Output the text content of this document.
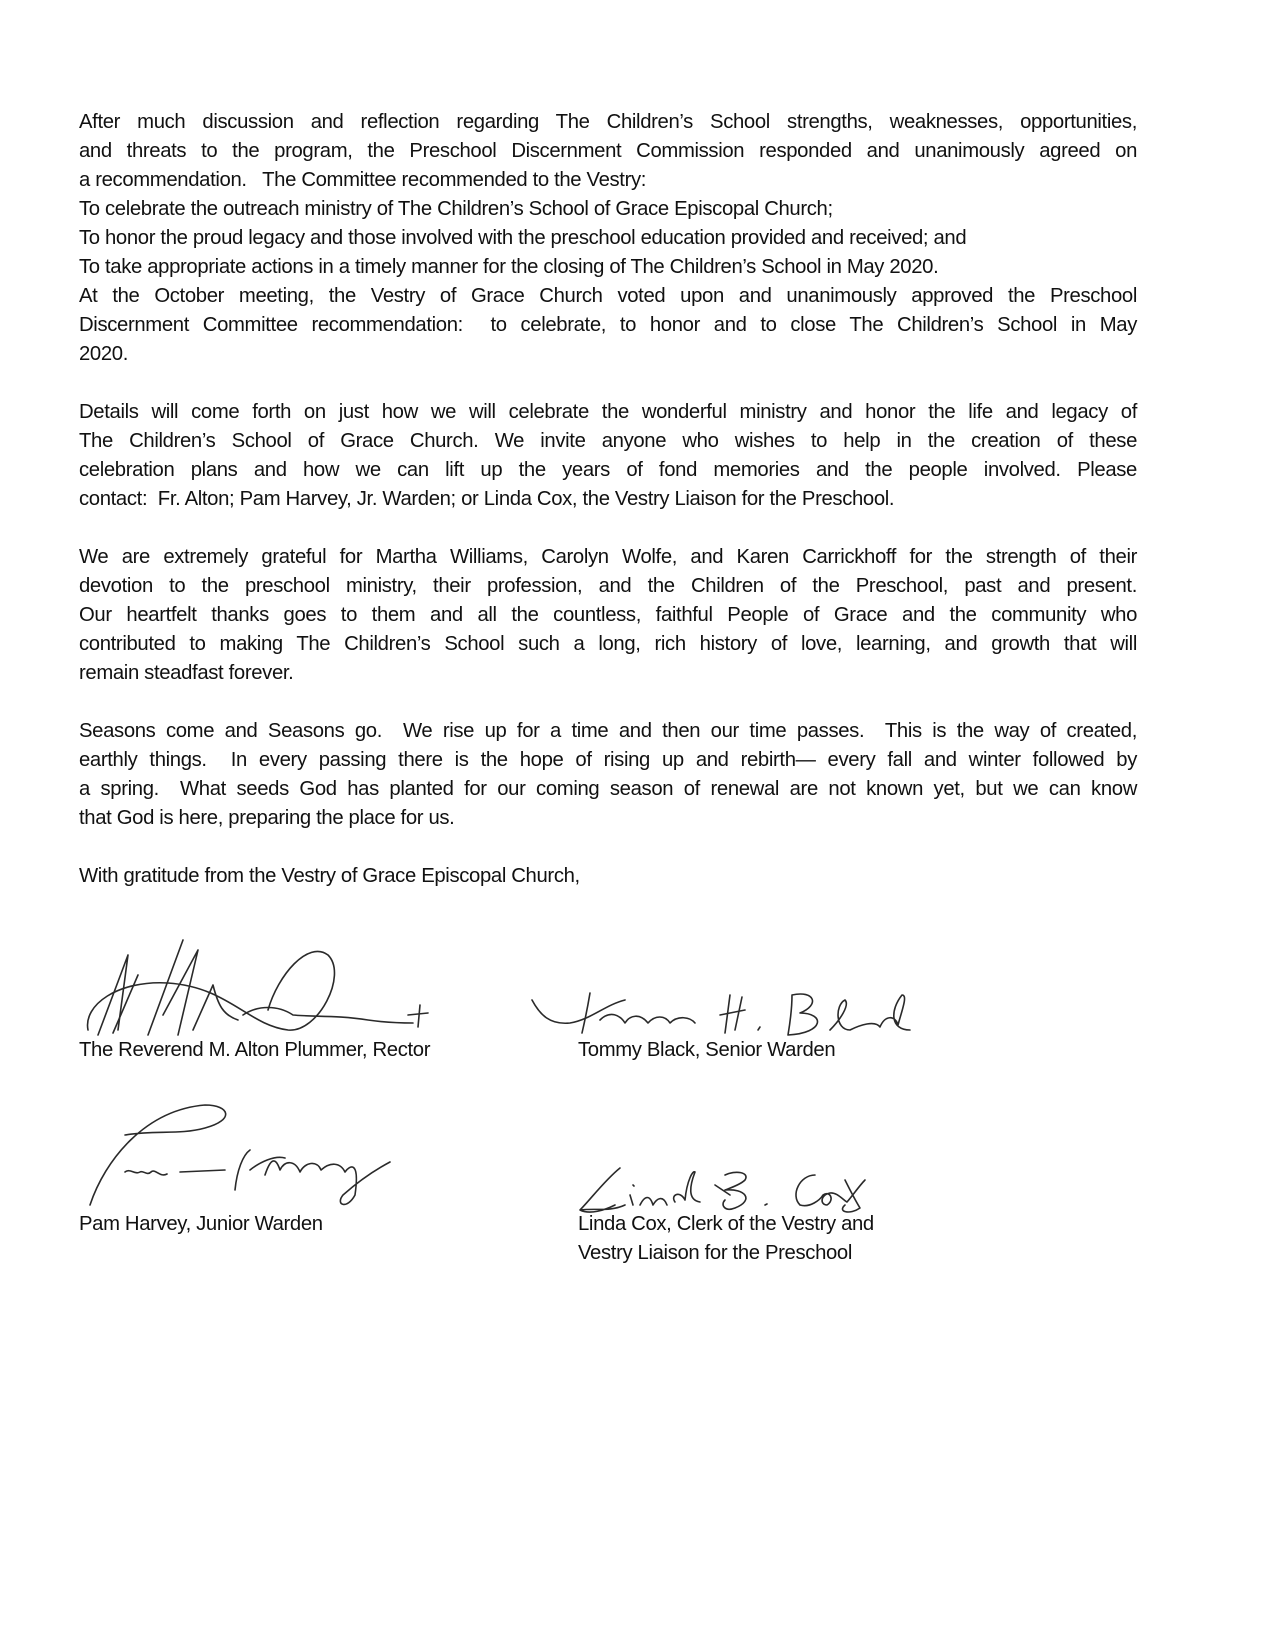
After much discussion and reflection regarding The Children’s School strengths, weaknesses, opportunities,
and threats to the program, the Preschool Discernment Commission responded and unanimously agreed on
a recommendation.   The Committee recommended to the Vestry:
To celebrate the outreach ministry of The Children’s School of Grace Episcopal Church;
To honor the proud legacy and those involved with the preschool education provided and received; and
To take appropriate actions in a timely manner for the closing of The Children’s School in May 2020.
At the October meeting, the Vestry of Grace Church voted upon and unanimously approved the Preschool
Discernment Committee recommendation:  to celebrate, to honor and to close The Children’s School in May
2020.

Details will come forth on just how we will celebrate the wonderful ministry and honor the life and legacy of
The Children’s School of Grace Church. We invite anyone who wishes to help in the creation of these
celebration plans and how we can lift up the years of fond memories and the people involved. Please
contact:  Fr. Alton; Pam Harvey, Jr. Warden; or Linda Cox, the Vestry Liaison for the Preschool.

We are extremely grateful for Martha Williams, Carolyn Wolfe, and Karen Carrickhoff for the strength of their
devotion to the preschool ministry, their profession, and the Children of the Preschool, past and present.
Our heartfelt thanks goes to them and all the countless, faithful People of Grace and the community who
contributed to making The Children’s School such a long, rich history of love, learning, and growth that will
remain steadfast forever.

Seasons come and Seasons go.  We rise up for a time and then our time passes.  This is the way of created,
earthly things.  In every passing there is the hope of rising up and rebirth— every fall and winter followed by
a spring.  What seeds God has planted for our coming season of renewal are not known yet, but we can know
that God is here, preparing the place for us.

With gratitude from the Vestry of Grace Episcopal Church,

The Reverend M. Alton Plummer, Rector	Tommy Black, Senior Warden
Pam Harvey, Junior Warden	Linda Cox, Clerk of the Vestry and
Vestry Liaison for the Preschool
